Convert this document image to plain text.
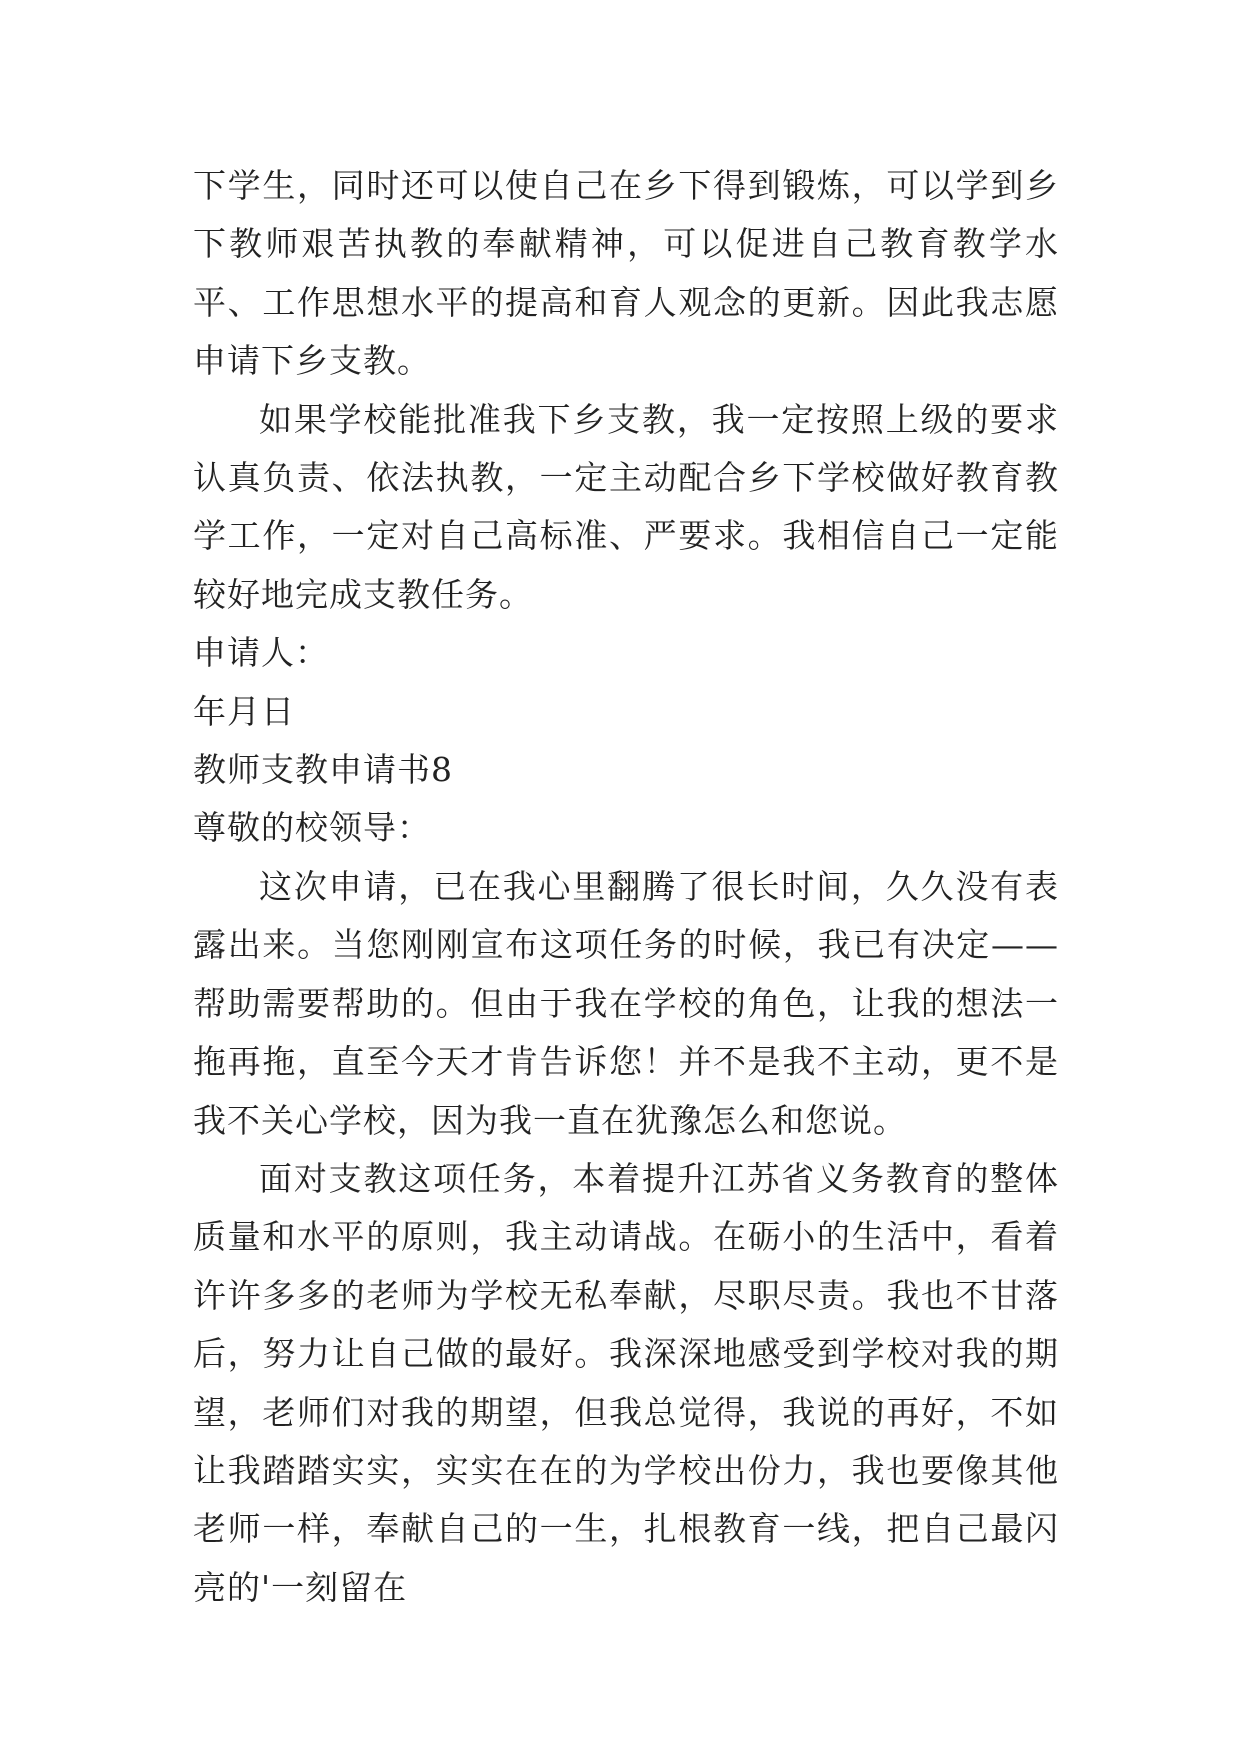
下学生，同时还可以使自己在乡下得到锻炼，可以学到乡下教师艰苦执教的奉献精神，可以促进自己教育教学水平、工作思想水平的提高和育人观念的更新。因此我志愿申请下乡支教。

如果学校能批准我下乡支教，我一定按照上级的要求认真负责、依法执教，一定主动配合乡下学校做好教育教学工作，一定对自己高标准、严要求。我相信自己一定能较好地完成支教任务。

申请人：

年月日

教师支教申请书8

尊敬的校领导：

这次申请，已在我心里翻腾了很长时间，久久没有表露出来。当您刚刚宣布这项任务的时候，我已有决定——帮助需要帮助的。但由于我在学校的角色，让我的想法一拖再拖，直至今天才肯告诉您！并不是我不主动，更不是我不关心学校，因为我一直在犹豫怎么和您说。

面对支教这项任务，本着提升江苏省义务教育的整体质量和水平的原则，我主动请战。在砺小的生活中，看着许许多多的老师为学校无私奉献，尽职尽责。我也不甘落后，努力让自己做的最好。我深深地感受到学校对我的期望，老师们对我的期望，但我总觉得，我说的再好，不如让我踏踏实实，实实在在的为学校出份力，我也要像其他老师一样，奉献自己的一生，扎根教育一线，把自己最闪亮的'一刻留在
